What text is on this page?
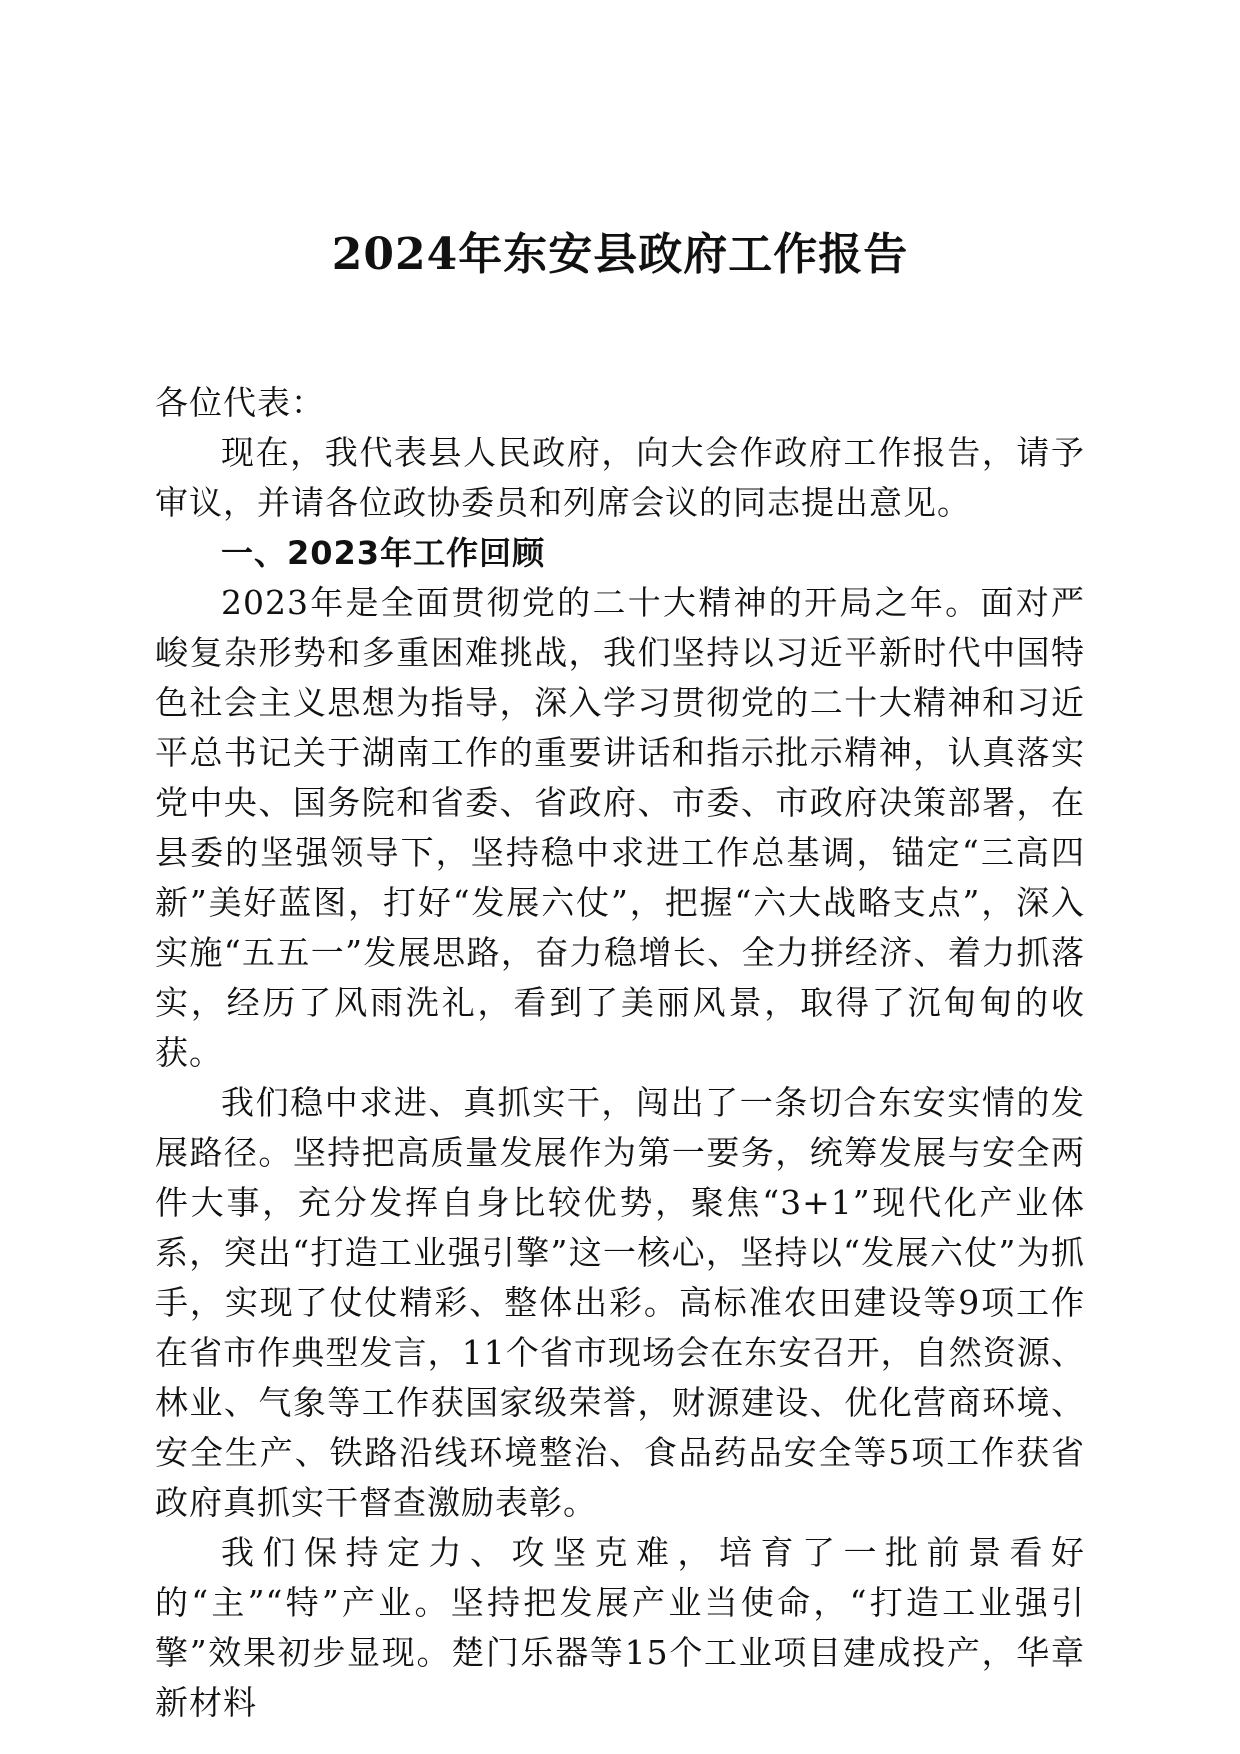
2024年东安县政府工作报告

各位代表：

现在，我代表县人民政府，向大会作政府工作报告，请予审议，并请各位政协委员和列席会议的同志提出意见。

一、2023年工作回顾

2023年是全面贯彻党的二十大精神的开局之年。面对严峻复杂形势和多重困难挑战，我们坚持以习近平新时代中国特色社会主义思想为指导，深入学习贯彻党的二十大精神和习近平总书记关于湖南工作的重要讲话和指示批示精神，认真落实党中央、国务院和省委、省政府、市委、市政府决策部署，在县委的坚强领导下，坚持稳中求进工作总基调，锚定“三高四新”美好蓝图，打好“发展六仗”，把握“六大战略支点”，深入实施“五五一”发展思路，奋力稳增长、全力拼经济、着力抓落实，经历了风雨洗礼，看到了美丽风景，取得了沉甸甸的收获。

我们稳中求进、真抓实干，闯出了一条切合东安实情的发展路径。坚持把高质量发展作为第一要务，统筹发展与安全两件大事，充分发挥自身比较优势，聚焦“3+1”现代化产业体系，突出“打造工业强引擎”这一核心，坚持以“发展六仗”为抓手，实现了仗仗精彩、整体出彩。高标准农田建设等9项工作在省市作典型发言，11个省市现场会在东安召开，自然资源、林业、气象等工作获国家级荣誉，财源建设、优化营商环境、安全生产、铁路沿线环境整治、食品药品安全等5项工作获省政府真抓实干督查激励表彰。

我们保持定力、攻坚克难，培育了一批前景看好的“主”“特”产业。坚持把发展产业当使命，“打造工业强引擎”效果初步显现。楚门乐器等15个工业项目建成投产，华章新材料
